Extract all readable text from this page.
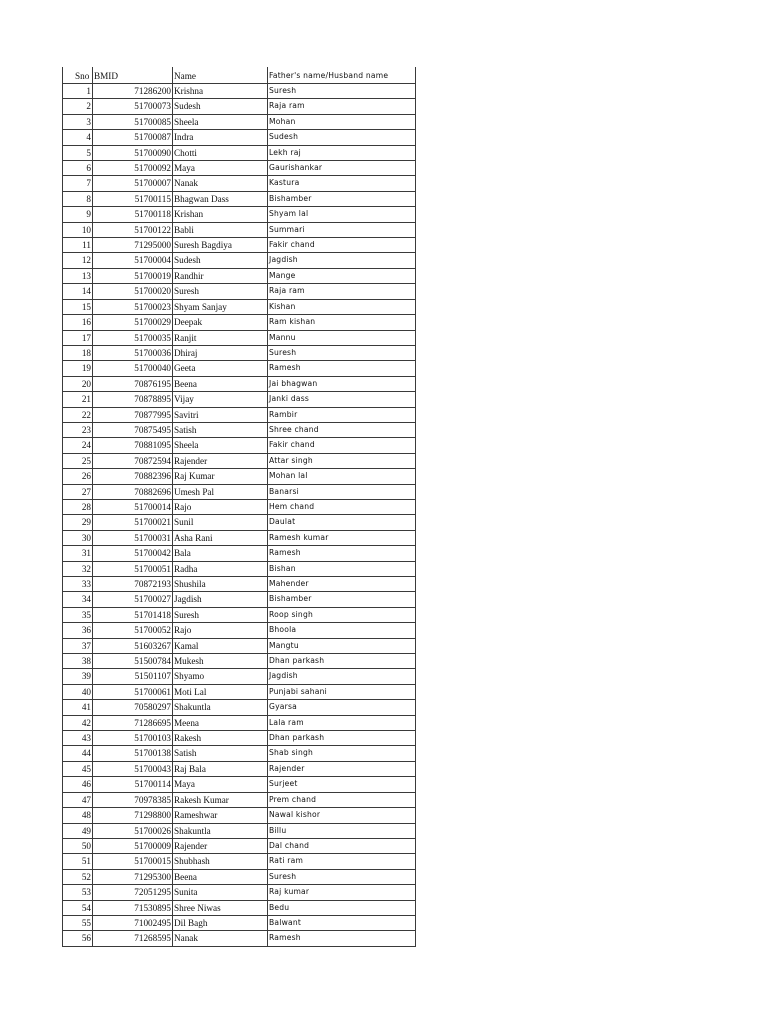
Sno	BMID	Name	Father's name/Husband name
1	71286200	Krishna	Suresh
2	51700073	Sudesh	Raja ram
3	51700085	Sheela	Mohan
4	51700087	Indra	Sudesh
5	51700090	Chotti	Lekh raj
6	51700092	Maya	Gaurishankar
7	51700007	Nanak	Kastura
8	51700115	Bhagwan Dass	Bishamber
9	51700118	Krishan	Shyam lal
10	51700122	Babli	Summari
11	71295000	Suresh Bagdiya	Fakir chand
12	51700004	Sudesh	Jagdish
13	51700019	Randhir	Mange
14	51700020	Suresh	Raja ram
15	51700023	Shyam Sanjay	Kishan
16	51700029	Deepak	Ram kishan
17	51700035	Ranjit	Mannu
18	51700036	Dhiraj	Suresh
19	51700040	Geeta	Ramesh
20	70876195	Beena	Jai bhagwan
21	70878895	Vijay	Janki dass
22	70877995	Savitri	Rambir
23	70875495	Satish	Shree chand
24	70881095	Sheela	Fakir chand
25	70872594	Rajender	Attar singh
26	70882396	Raj Kumar	Mohan lal
27	70882696	Umesh Pal	Banarsi
28	51700014	Rajo	Hem chand
29	51700021	Sunil	Daulat
30	51700031	Asha Rani	Ramesh kumar
31	51700042	Bala	Ramesh
32	51700051	Radha	Bishan
33	70872193	Shushila	Mahender
34	51700027	Jagdish	Bishamber
35	51701418	Suresh	Roop singh
36	51700052	Rajo	Bhoola
37	51603267	Kamal	Mangtu
38	51500784	Mukesh	Dhan parkash
39	51501107	Shyamo	Jagdish
40	51700061	Moti Lal	Punjabi sahani
41	70580297	Shakuntla	Gyarsa
42	71286695	Meena	Lala ram
43	51700103	Rakesh	Dhan parkash
44	51700138	Satish	Shab singh
45	51700043	Raj Bala	Rajender
46	51700114	Maya	Surjeet
47	70978385	Rakesh Kumar	Prem chand
48	71298800	Rameshwar	Nawal kishor
49	51700026	Shakuntla	Billu
50	51700009	Rajender	Dal chand
51	51700015	Shubhash	Rati ram
52	71295300	Beena	Suresh
53	72051295	Sunita	Raj kumar
54	71530895	Shree Niwas	Bedu
55	71002495	Dil Bagh	Balwant
56	71268595	Nanak	Ramesh
